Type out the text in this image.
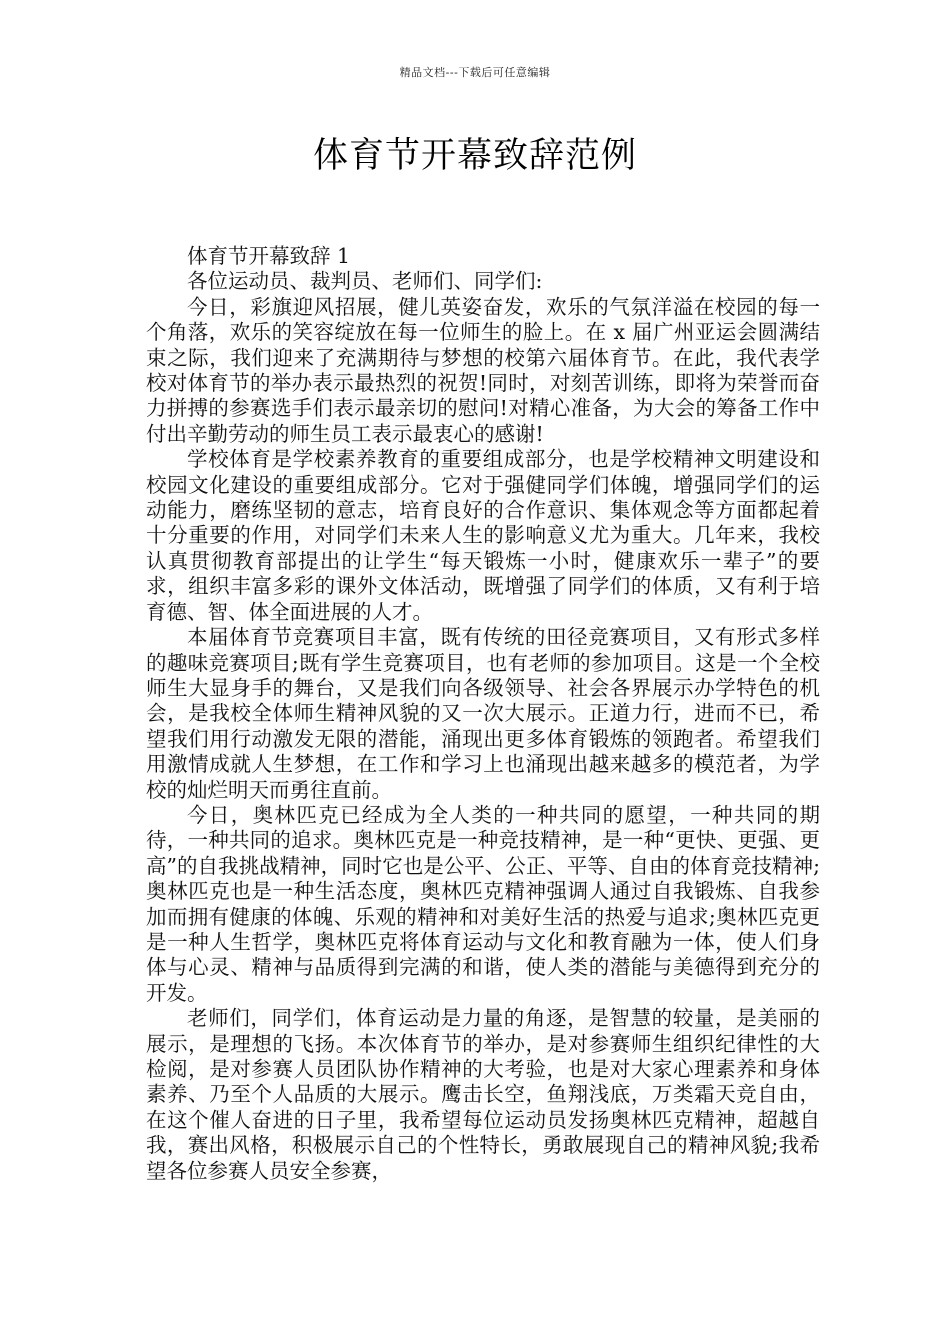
精品文档---下载后可任意编辑
体育节开幕致辞范例

体育节开幕致辞 1

各位运动员、裁判员、老师们、同学们:

今日，彩旗迎风招展，健儿英姿奋发，欢乐的气氛洋溢在校园的每一个角落，欢乐的笑容绽放在每一位师生的脸上。在 x 届广州亚运会圆满结束之际，我们迎来了充满期待与梦想的校第六届体育节。在此，我代表学校对体育节的举办表示最热烈的祝贺!同时，对刻苦训练，即将为荣誉而奋力拼搏的参赛选手们表示最亲切的慰问!对精心准备，为大会的筹备工作中付出辛勤劳动的师生员工表示最衷心的感谢!

学校体育是学校素养教育的重要组成部分，也是学校精神文明建设和校园文化建设的重要组成部分。它对于强健同学们体魄，增强同学们的运动能力，磨练坚韧的意志，培育良好的合作意识、集体观念等方面都起着十分重要的作用，对同学们未来人生的影响意义尤为重大。几年来，我校认真贯彻教育部提出的让学生“每天锻炼一小时，健康欢乐一辈子”的要求，组织丰富多彩的课外文体活动，既增强了同学们的体质，又有利于培育德、智、体全面进展的人才。

本届体育节竞赛项目丰富，既有传统的田径竞赛项目，又有形式多样的趣味竞赛项目;既有学生竞赛项目，也有老师的参加项目。这是一个全校师生大显身手的舞台，又是我们向各级领导、社会各界展示办学特色的机会，是我校全体师生精神风貌的又一次大展示。正道力行，进而不已，希望我们用行动激发无限的潜能，涌现出更多体育锻炼的领跑者。希望我们用激情成就人生梦想，在工作和学习上也涌现出越来越多的模范者，为学校的灿烂明天而勇往直前。

今日，奥林匹克已经成为全人类的一种共同的愿望，一种共同的期待，一种共同的追求。奥林匹克是一种竞技精神，是一种“更快、更强、更高”的自我挑战精神，同时它也是公平、公正、平等、自由的体育竞技精神;奥林匹克也是一种生活态度，奥林匹克精神强调人通过自我锻炼、自我参加而拥有健康的体魄、乐观的精神和对美好生活的热爱与追求;奥林匹克更是一种人生哲学，奥林匹克将体育运动与文化和教育融为一体，使人们身体与心灵、精神与品质得到完满的和谐，使人类的潜能与美德得到充分的开发。

老师们，同学们，体育运动是力量的角逐，是智慧的较量，是美丽的展示，是理想的飞扬。本次体育节的举办，是对参赛师生组织纪律性的大检阅，是对参赛人员团队协作精神的大考验，也是对大家心理素养和身体素养、乃至个人品质的大展示。鹰击长空，鱼翔浅底，万类霜天竞自由，在这个催人奋进的日子里，我希望每位运动员发扬奥林匹克精神，超越自我，赛出风格，积极展示自己的个性特长，勇敢展现自己的精神风貌;我希望各位参赛人员安全参赛，
